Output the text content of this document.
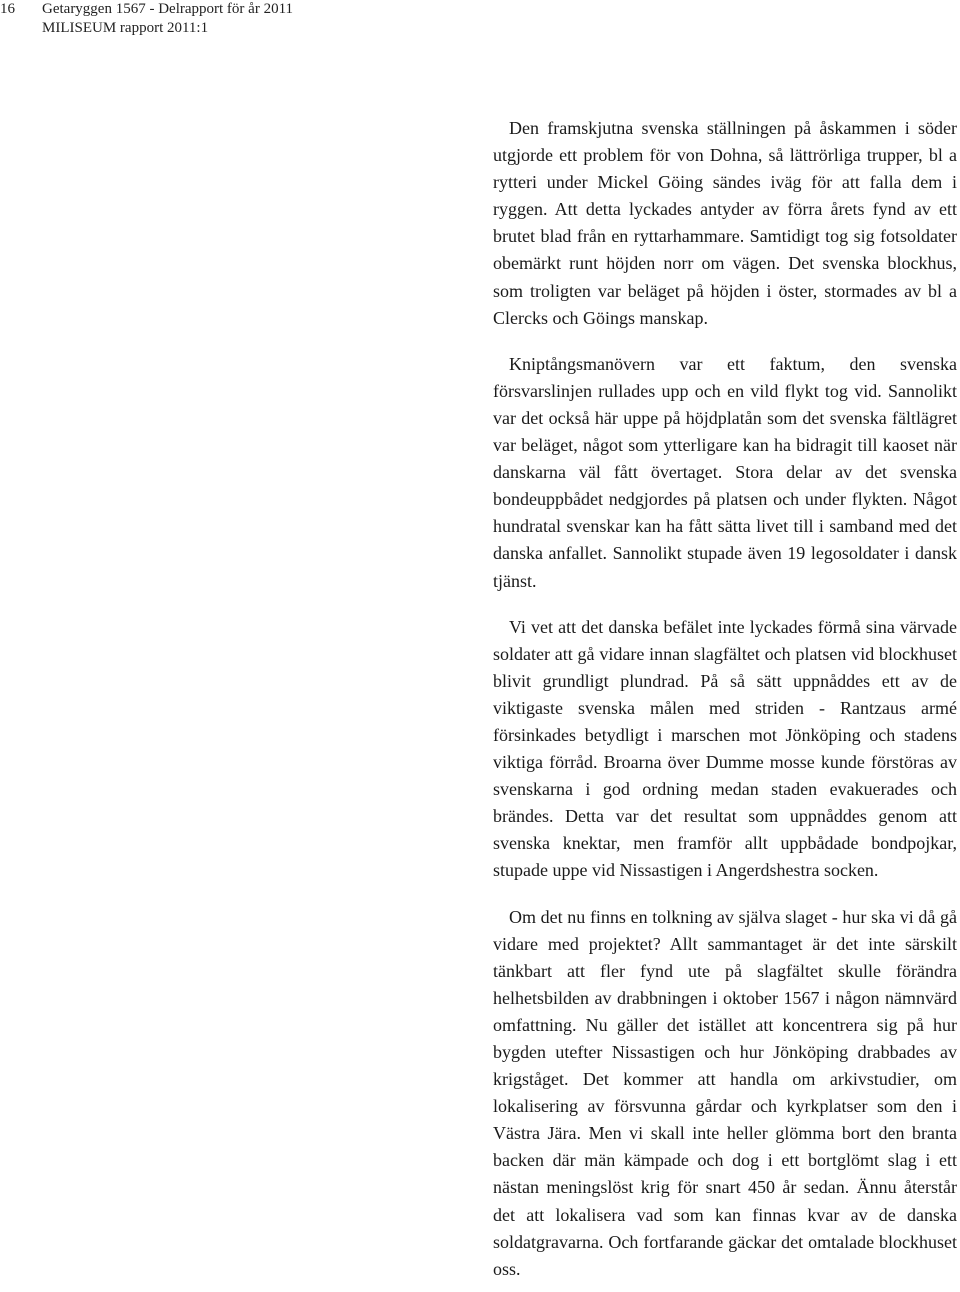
16 Getaryggen 1567 - Delrapport för år 2011
MILISEUM rapport 2011:1

Den framskjutna svenska ställningen på åskammen i söder utgjorde ett problem för von Dohna, så lättrörliga trupper, bl a rytteri under Mickel Göing sändes iväg för att falla dem i ryggen. Att detta lyckades antyder av förra årets fynd av ett brutet blad från en ryttarhammare. Samtidigt tog sig fotsoldater obemärkt runt höjden norr om vägen. Det svenska blockhus, som troligten var beläget på höjden i öster, stormades av bl a Clercks och Göings manskap.

Kniptångsmanövern var ett faktum, den svenska försvarslinjen rullades upp och en vild flykt tog vid. Sannolikt var det också här uppe på höjdplatån som det svenska fältlägret var beläget, något som ytterligare kan ha bidragit till kaoset när danskarna väl fått övertaget. Stora delar av det svenska bondeuppbådet nedgjordes på platsen och under flykten. Något hundratal svenskar kan ha fått sätta livet till i samband med det danska anfallet. Sannolikt stupade även 19 legosoldater i dansk tjänst.

Vi vet att det danska befälet inte lyckades förmå sina värvade soldater att gå vidare innan slagfältet och platsen vid blockhuset blivit grundligt plundrad. På så sätt uppnåddes ett av de viktigaste svenska målen med striden - Rantzaus armé försinkades betydligt i marschen mot Jönköping och stadens viktiga förråd. Broarna över Dumme mosse kunde förstöras av svenskarna i god ordning medan staden evakuerades och brändes. Detta var det resultat som uppnåddes genom att svenska knektar, men framför allt uppbådade bondpojkar, stupade uppe vid Nissastigen i Angerdshestra socken.

Om det nu finns en tolkning av själva slaget - hur ska vi då gå vidare med projektet? Allt sammantaget är det inte särskilt tänkbart att fler fynd ute på slagfältet skulle förändra helhetsbilden av drabbningen i oktober 1567 i någon nämnvärd omfattning. Nu gäller det istället att koncentrera sig på hur bygden utefter Nissastigen och hur Jönköping drabbades av krigståget. Det kommer att handla om arkivstudier, om lokalisering av försvunna gårdar och kyrkplatser som den i Västra Jära. Men vi skall inte heller glömma bort den branta backen där män kämpade och dog i ett bortglömt slag i ett nästan meningslöst krig för snart 450 år sedan. Ännu återstår det att lokalisera vad som kan finnas kvar av de danska soldatgravarna. Och fortfarande gäckar det omtalade blockhuset oss.
